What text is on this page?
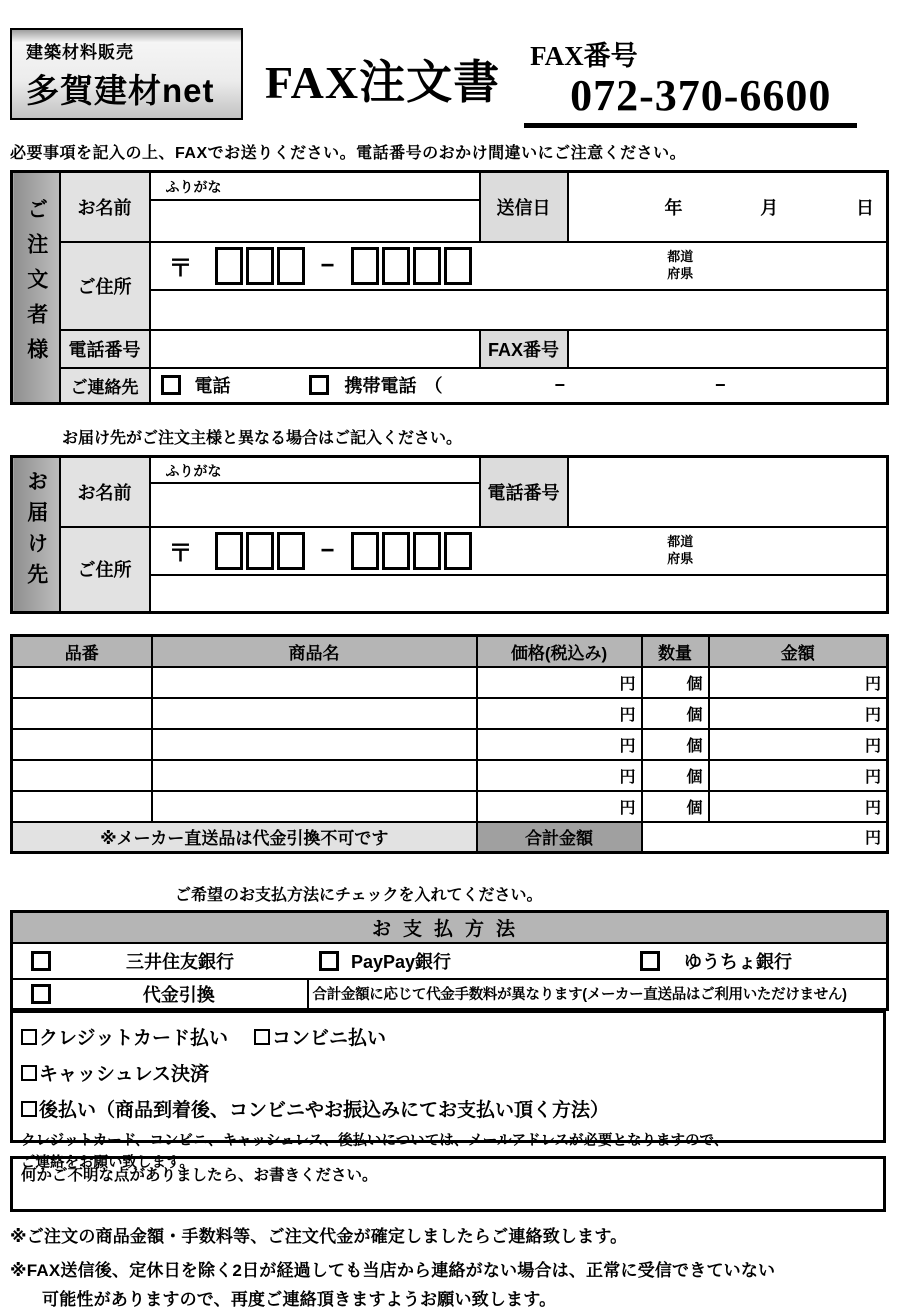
建築材料販売
多賀建材net	FAX注文書
FAX番号
072-370-6600
必要事項を記入の上、FAXでお送りください。電話番号のおかけ間違いにご注意ください。
ご注文者様	お名前	ふりがな	送信日	年 月 日

	ご住所	〒 − 都道
府県		

	電話番号		FAX番号	
	ご連絡先	電話 携帯電話 （ − −		
お届け先がご注文主様と異なる場合はご記入ください。
お届け先	お名前	ふりがな	電話番号	

	ご住所	〒 − 都道
府県		

品番	商品名	価格(税込み)	数量	金額
		円	個	円
		円	個	円
		円	個	円
		円	個	円
		円	個	円
※メーカー直送品は代金引換不可です		合計金額	円	
ご希望のお支払方法にチェックを入れてください。
お支払方法

三井住友銀行	PayPay銀行	ゆうちょ銀行

代金引換	合計金額に応じて代金手数料が異なります(メーカー直送品はご利用いただけません)
クレジットカード払い コンビニ払い
キャッシュレス決済
後払い（商品到着後、コンビニやお振込みにてお支払い頂く方法）
クレジットカード、コンビニ、キャッシュレス、後払いについては、メールアドレスが必要となりますので、
ご連絡をお願い致します。
何かご不明な点がありましたら、お書きください。
※ご注文の商品金額・手数料等、ご注文代金が確定しましたらご連絡致します。
※FAX送信後、定休日を除く2日が経過しても当店から連絡がない場合は、正常に受信できていない
可能性がありますので、再度ご連絡頂きますようお願い致します。
